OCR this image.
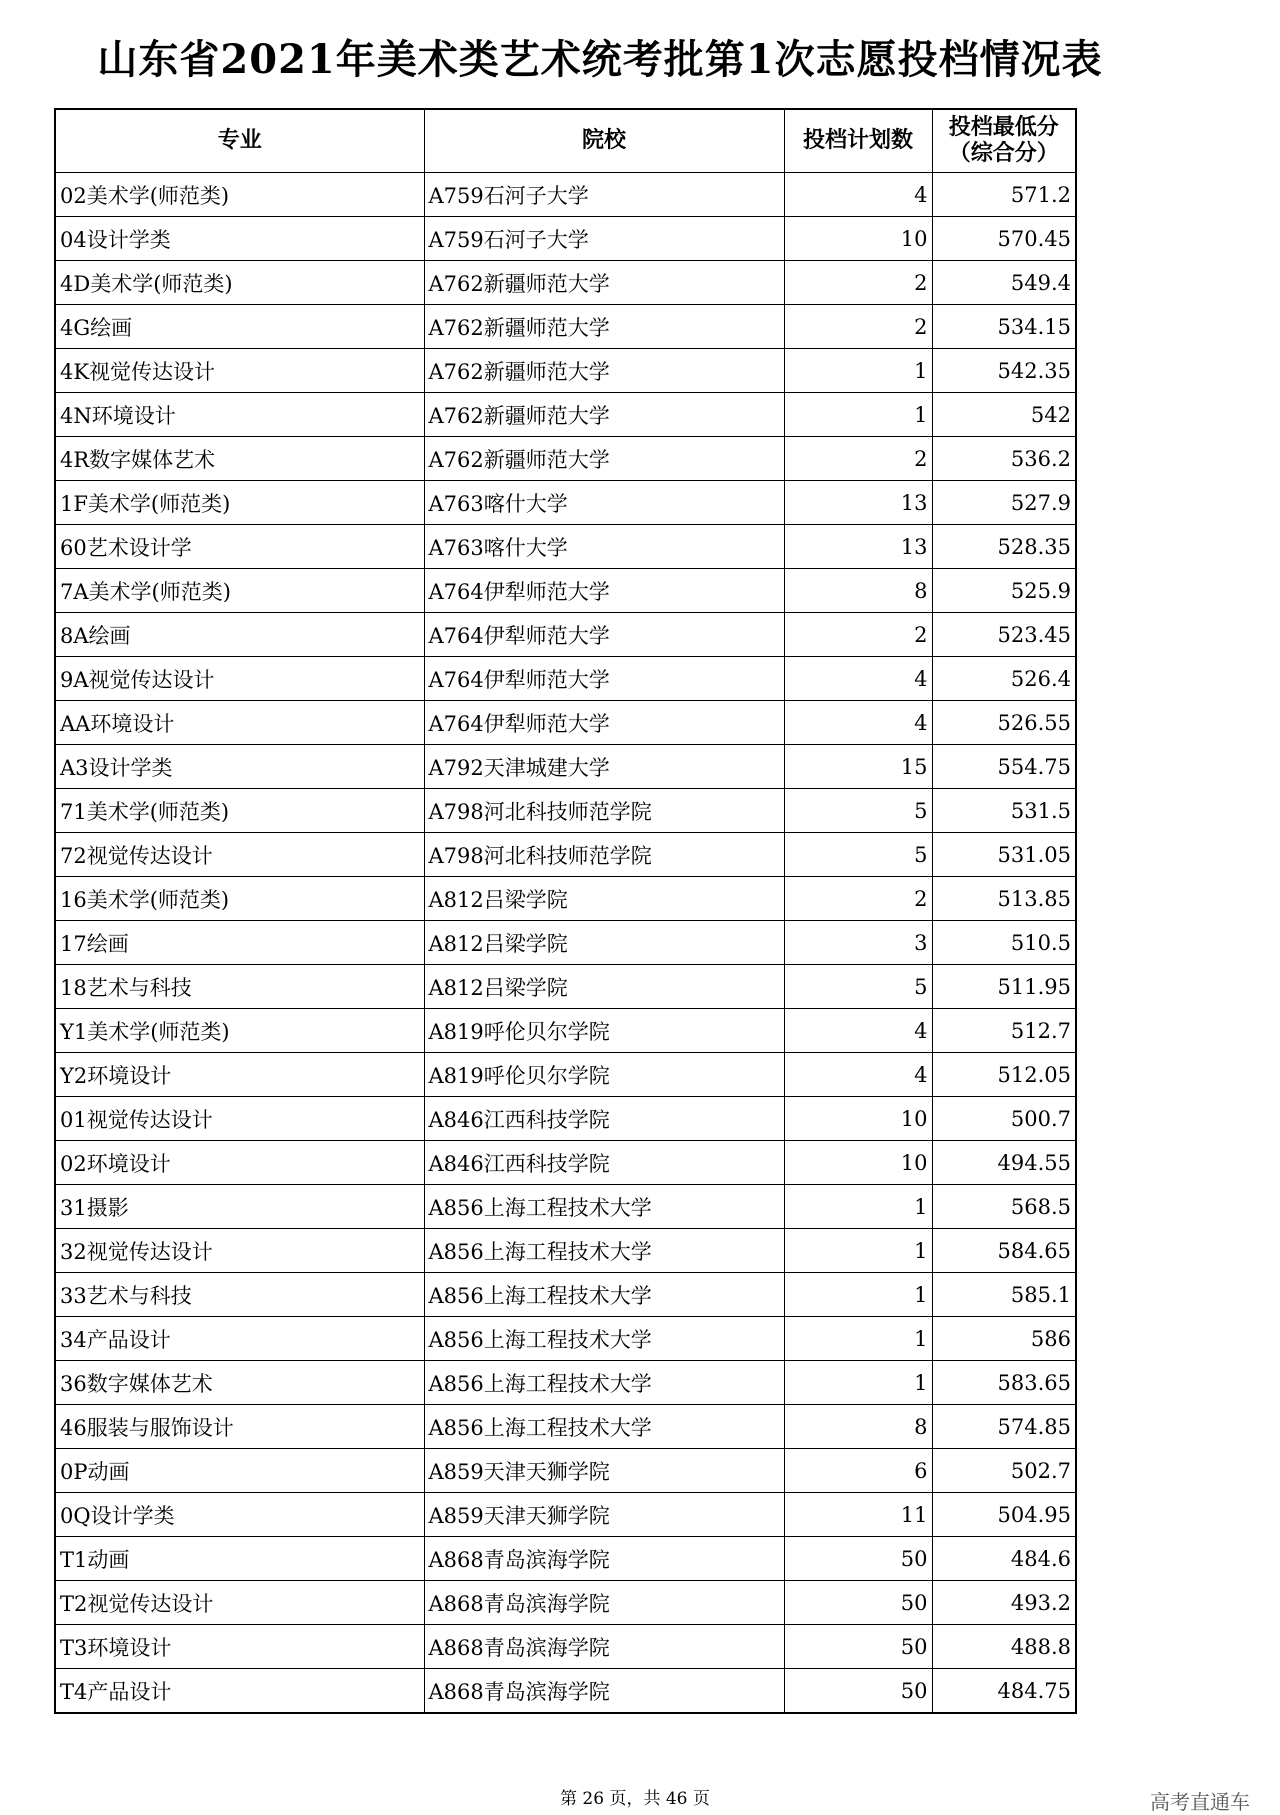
山东省2021年美术类艺术统考批第1次志愿投档情况表
专业	院校	投档计划数	投档最低分
（综合分）

02美术学(师范类)	A759石河子大学	4	571.2
04设计学类	A759石河子大学	10	570.45
4D美术学(师范类)	A762新疆师范大学	2	549.4
4G绘画	A762新疆师范大学	2	534.15
4K视觉传达设计	A762新疆师范大学	1	542.35
4N环境设计	A762新疆师范大学	1	542
4R数字媒体艺术	A762新疆师范大学	2	536.2
1F美术学(师范类)	A763喀什大学	13	527.9
60艺术设计学	A763喀什大学	13	528.35
7A美术学(师范类)	A764伊犁师范大学	8	525.9
8A绘画	A764伊犁师范大学	2	523.45
9A视觉传达设计	A764伊犁师范大学	4	526.4
AA环境设计	A764伊犁师范大学	4	526.55
A3设计学类	A792天津城建大学	15	554.75
71美术学(师范类)	A798河北科技师范学院	5	531.5
72视觉传达设计	A798河北科技师范学院	5	531.05
16美术学(师范类)	A812吕梁学院	2	513.85
17绘画	A812吕梁学院	3	510.5
18艺术与科技	A812吕梁学院	5	511.95
Y1美术学(师范类)	A819呼伦贝尔学院	4	512.7
Y2环境设计	A819呼伦贝尔学院	4	512.05
01视觉传达设计	A846江西科技学院	10	500.7
02环境设计	A846江西科技学院	10	494.55
31摄影	A856上海工程技术大学	1	568.5
32视觉传达设计	A856上海工程技术大学	1	584.65
33艺术与科技	A856上海工程技术大学	1	585.1
34产品设计	A856上海工程技术大学	1	586
36数字媒体艺术	A856上海工程技术大学	1	583.65
46服装与服饰设计	A856上海工程技术大学	8	574.85
0P动画	A859天津天狮学院	6	502.7
0Q设计学类	A859天津天狮学院	11	504.95
T1动画	A868青岛滨海学院	50	484.6
T2视觉传达设计	A868青岛滨海学院	50	493.2
T3环境设计	A868青岛滨海学院	50	488.8
T4产品设计	A868青岛滨海学院	50	484.75
第 26 页，共 46 页	高考直通车
